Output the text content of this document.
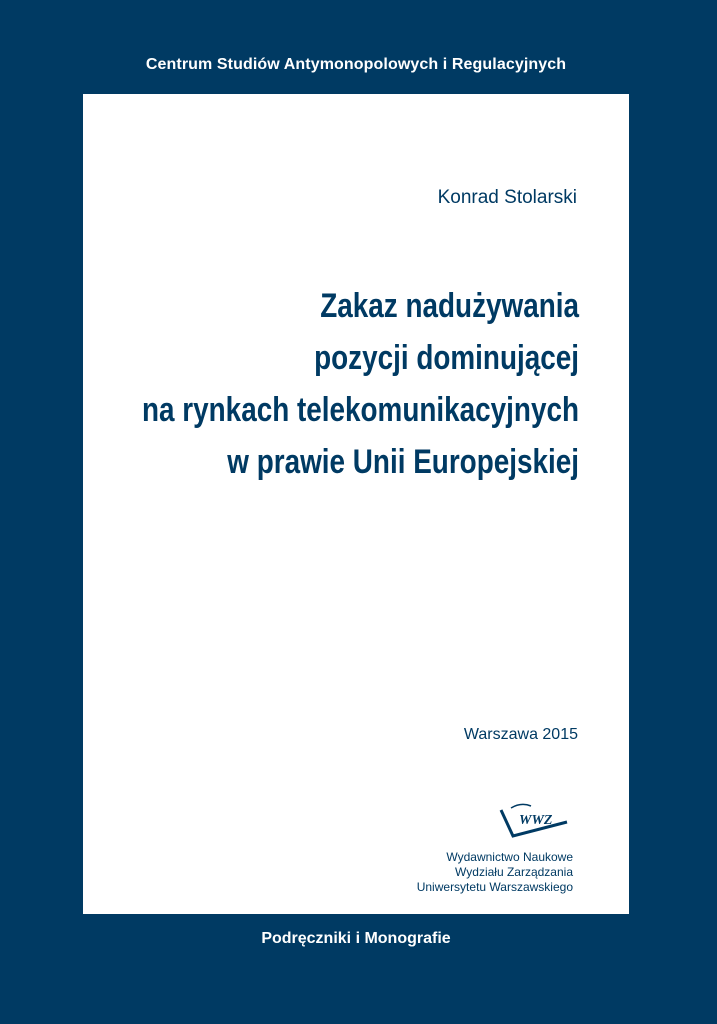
Centrum Studiów Antymonopolowych i Regulacyjnych
Konrad Stolarski
Zakaz nadużywania
pozycji dominującej
na rynkach telekomunikacyjnych
w prawie Unii Europejskiej
Warszawa 2015
WWZ
Wydawnictwo Naukowe
Wydziału Zarządzania
Uniwersytetu Warszawskiego
Podręczniki i Monografie
